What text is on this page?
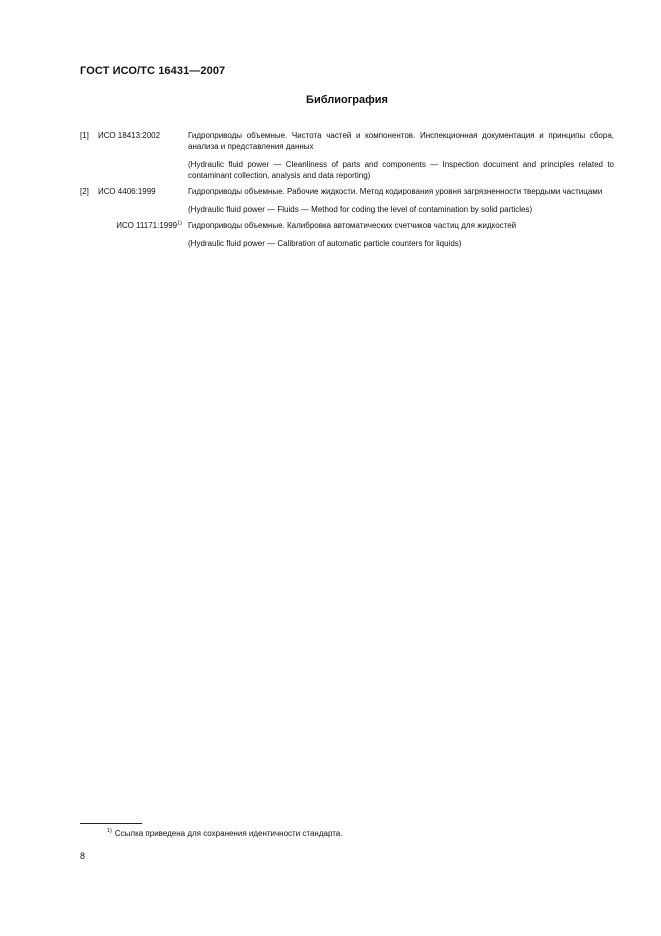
ГОСТ ИСО/ТС 16431—2007
Библиография
[1] ИСО 18413:2002	Гидроприводы объемные. Чистота частей и компонентов. Инспекционная документация и принципы сбора, анализа и представления данных
(Hydraulic fluid power — Cleanliness of parts and components — Inspection document and principles related to contaminant collection, analysis and data reporting)
[2] ИСО 4406:1999	Гидроприводы объемные. Рабочие жидкости. Метод кодирования уровня загрязненности твердыми частицами
(Hydraulic fluid power — Fluids — Method for coding the level of contamination by solid particles)
ИСО 11171:1999$^{1)}$ Гидроприводы объемные. Калибровка автоматических счетчиков частиц для жидкостей
(Hydraulic fluid power — Calibration of automatic particle counters for liquids)
$^{1)}$ Ссылка приведена для сохранения идентичности стандарта.
8
